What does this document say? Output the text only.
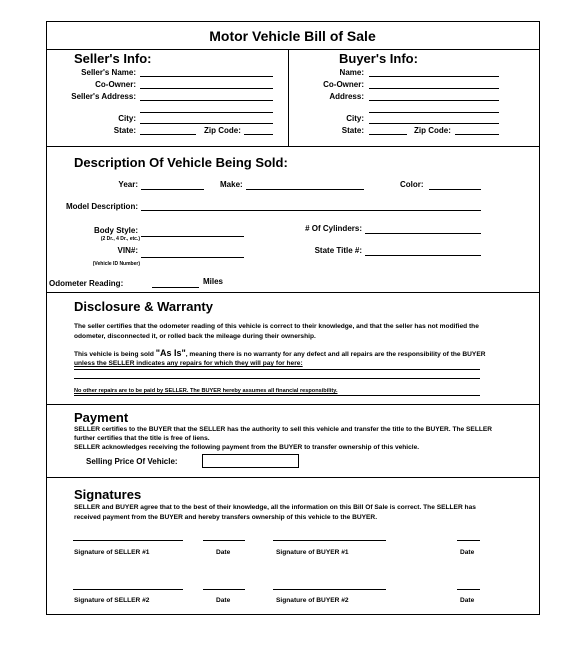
Motor Vehicle Bill of Sale
Seller's Info:
Seller's Name:
Co-Owner:
Seller's Address:
City:
State:	Zip Code:
Buyer's Info:
Name:
Co-Owner:
Address:
City:
State:	Zip Code:
Description Of Vehicle Being Sold:
Year:	Make:	Color:
Model Description:
Body Style:
(2 Dr., 4 Dr., etc.)
# Of Cylinders:
VIN#:
(Vehicle ID Number)
State Title #:
Odometer Reading:	Miles
Disclosure & Warranty
The seller certifies that the odometer reading of this vehicle is correct to their knowledge, and that the seller has not modified the
odometer, disconnected it, or rolled back the mileage during their ownership.
This vehicle is being sold "As Is", meaning there is no warranty for any defect and all repairs are the responsibility of the BUYER
unless the SELLER indicates any repairs for which they will pay for here:
No other repairs are to be paid by SELLER. The BUYER hereby assumes all financial responsibility.
Payment
SELLER certifies to the BUYER that the SELLER has the authority to sell this vehicle and transfer the title to the BUYER. The SELLER
further certifies that the title is free of liens.
SELLER acknowledges receiving the following payment from the BUYER to transfer ownership of this vehicle.
Selling Price Of Vehicle:
Signatures
SELLER and BUYER agree that to the best of their knowledge, all the information on this Bill Of Sale is correct. The SELLER has
received payment from the BUYER and hereby transfers ownership of this vehicle to the BUYER.
Signature of SELLER #1	Date	Signature of BUYER #1	Date
Signature of SELLER #2	Date	Signature of BUYER #2	Date
